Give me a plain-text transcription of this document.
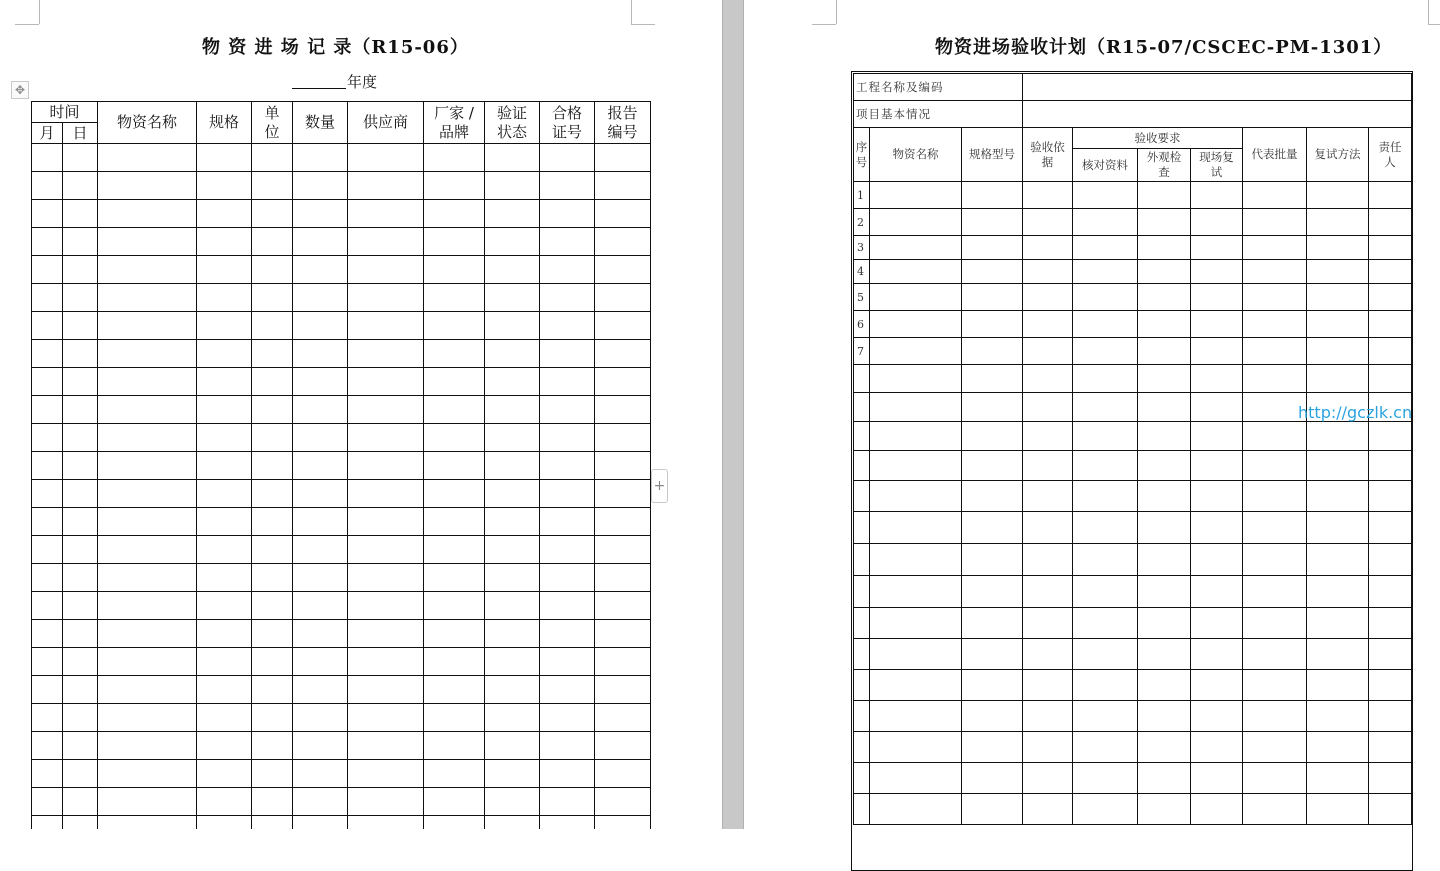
物 资 进 场 记 录（R15-06）
年度
✥
+
时间		物资名称	规格	单位	数量	供应商	厂家 / 品牌	验证状态	合格证号	报告编号
月	日									

物资进场验收计划（R15-07/CSCEC-PM-1301）
工程名称及编码									
项目基本情况									
序号	物资名称	规格型号	验收依据	验收要求			代表批量	复试方法	责任人
				核对资料	外观检查	现场复试			
1									
2									
3									
4									
5									
6									
7									

http://gczlk.cn
